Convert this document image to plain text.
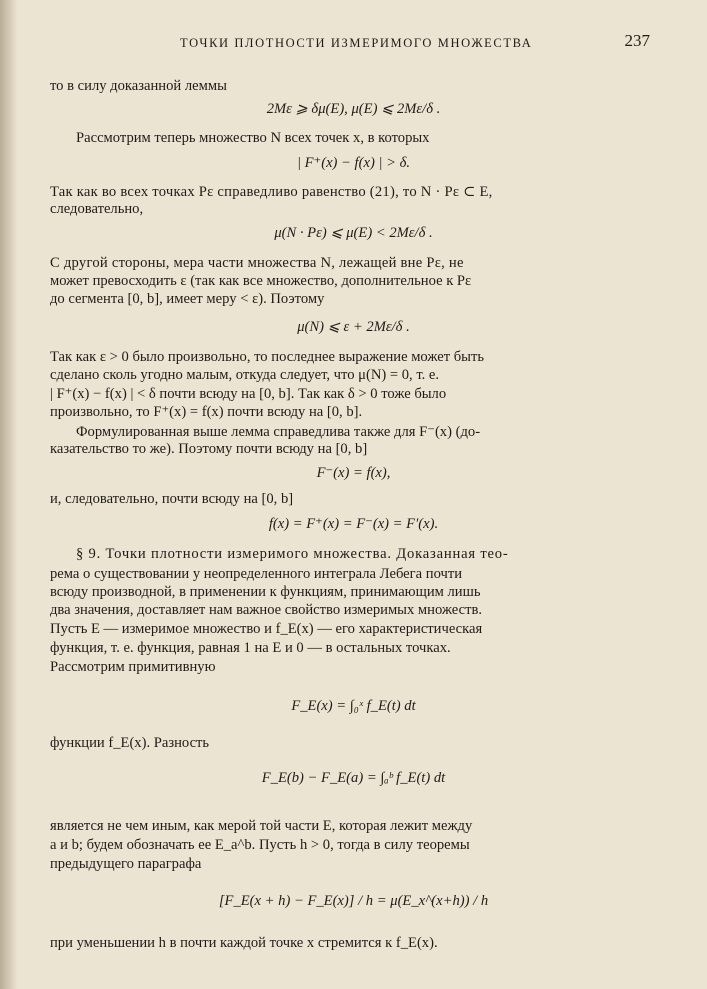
ТОЧКИ ПЛОТНОСТИ ИЗМЕРИМОГО МНОЖЕСТВА	237
то в силу доказанной леммы
2Mε ⩾ δμ(E), μ(E) ⩽ 2Mε/δ .
Рассмотрим теперь множество N всех точек x, в которых
| F⁺(x) − f(x) | > δ.
Так как во всех точках Pε справедливо равенство (21), то N · Pε ⊂ E,
следовательно,
μ(N · Pε) ⩽ μ(E) < 2Mε/δ .
С другой стороны, мера части множества N, лежащей вне Pε, не
может превосходить ε (так как все множество, дополнительное к Pε
до сегмента [0, b], имеет меру < ε). Поэтому
μ(N) ⩽ ε + 2Mε/δ .
Так как ε > 0 было произвольно, то последнее выражение может быть
сделано сколь угодно малым, откуда следует, что μ(N) = 0, т. е.
| F⁺(x) − f(x) | < δ почти всюду на [0, b]. Так как δ > 0 тоже было
произвольно, то F⁺(x) = f(x) почти всюду на [0, b].
Формулированная выше лемма справедлива также для F⁻(x) (до-
казательство то же). Поэтому почти всюду на [0, b]
F⁻(x) = f(x),
и, следовательно, почти всюду на [0, b]
f(x) = F⁺(x) = F⁻(x) = F′(x).
§ 9. Точки плотности измеримого множества. Доказанная тео-
рема о существовании у неопределенного интеграла Лебега почти
всюду производной, в применении к функциям, принимающим лишь
два значения, доставляет нам важное свойство измеримых множеств.
Пусть E — измеримое множество и f_E(x) — его характеристическая
функция, т. е. функция, равная 1 на E и 0 — в остальных точках.
Рассмотрим примитивную
F_E(x) = ∫₀ˣ f_E(t) dt
функции f_E(x). Разность
F_E(b) − F_E(a) = ∫ₐᵇ f_E(t) dt
является не чем иным, как мерой той части E, которая лежит между
a и b; будем обозначать ее E_a^b. Пусть h > 0, тогда в силу теоремы
предыдущего параграфа
[F_E(x + h) − F_E(x)] / h = μ(E_x^(x+h)) / h
при уменьшении h в почти каждой точке x стремится к f_E(x).
